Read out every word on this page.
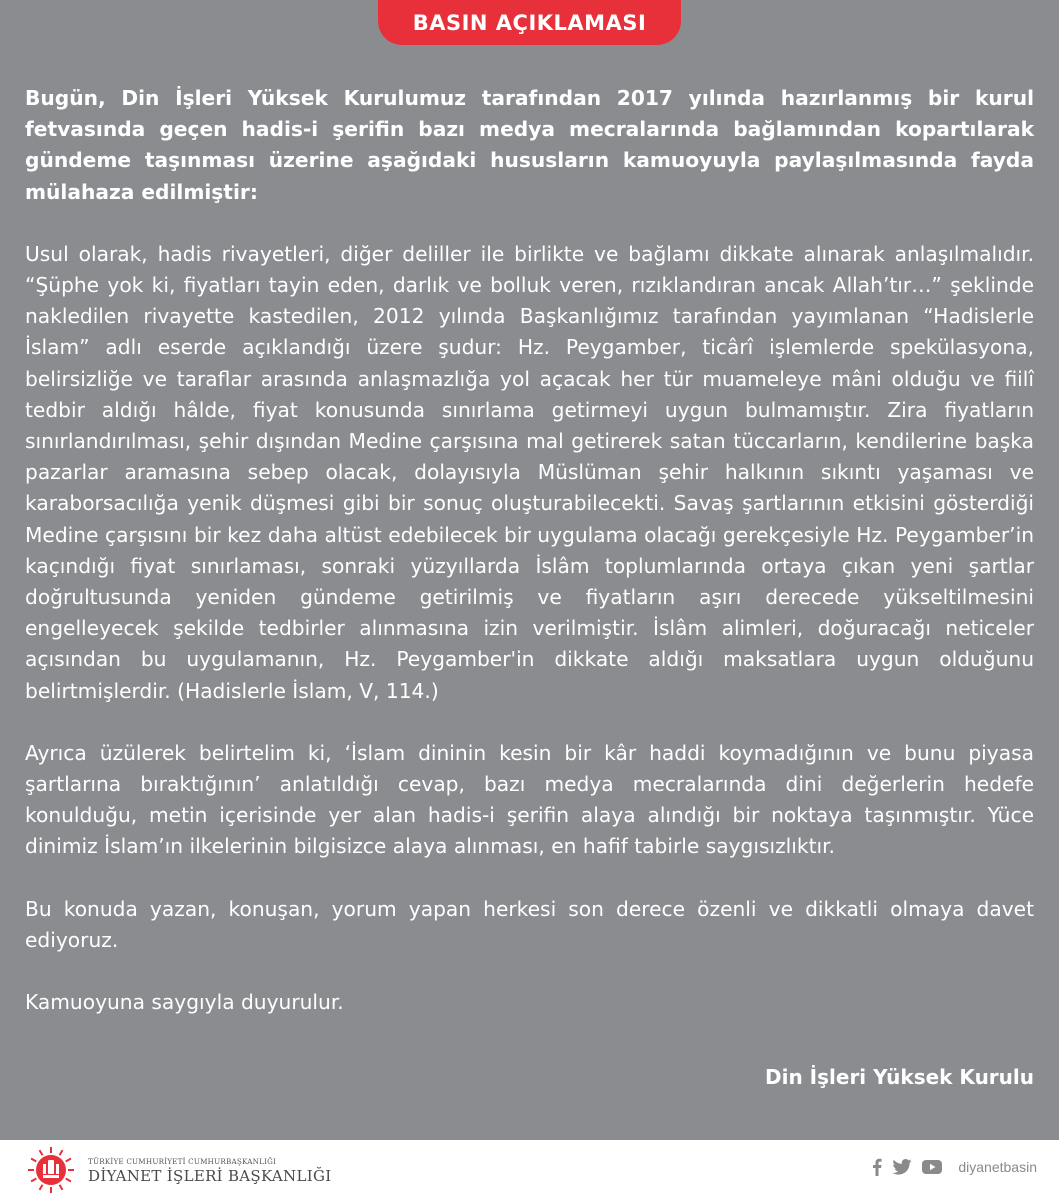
BASIN AÇIKLAMASI

Bugün, Din İşleri Yüksek Kurulumuz tarafından 2017 yılında hazırlanmış bir kurul fetvasında geçen hadis-i şerifin bazı medya mecralarında bağlamından kopartılarak gündeme taşınması üzerine aşağıdaki hususların kamuoyuyla paylaşılmasında fayda mülahaza edilmiştir:

Usul olarak, hadis rivayetleri, diğer deliller ile birlikte ve bağlamı dikkate alınarak anlaşılmalıdır. “Şüphe yok ki, fiyatları tayin eden, darlık ve bolluk veren, rızıklandıran ancak Allah’tır…” şeklinde nakledilen rivayette kastedilen, 2012 yılında Başkanlığımız tarafından yayımlanan “Hadislerle İslam” adlı eserde açıklandığı üzere şudur: Hz. Peygamber, ticârî işlemlerde spekülasyona, belirsizliğe ve taraflar arasında anlaşmazlığa yol açacak her tür muameleye mâni olduğu ve fiilî tedbir aldığı hâlde, fiyat konusunda sınırlama getirmeyi uygun bulmamıştır. Zira fiyatların sınırlandırılması, şehir dışından Medine çarşısına mal getirerek satan tüccarların, kendilerine başka pazarlar aramasına sebep olacak, dolayısıyla Müslüman şehir halkının sıkıntı yaşaması ve karaborsacılığa yenik düşmesi gibi bir sonuç oluşturabilecekti. Savaş şartlarının etkisini gösterdiği Medine çarşısını bir kez daha altüst edebilecek bir uygulama olacağı gerekçesiyle Hz. Peygamber’in kaçındığı fiyat sınırlaması, sonraki yüzyıllarda İslâm toplumlarında ortaya çıkan yeni şartlar doğrultusunda yeniden gündeme getirilmiş ve fiyatların aşırı derecede yükseltilmesini engelleyecek şekilde tedbirler alınmasına izin verilmiştir. İslâm alimleri, doğuracağı neticeler açısından bu uygulamanın, Hz. Peygamber'in dikkate aldığı maksatlara uygun olduğunu belirtmişlerdir. (Hadislerle İslam, V, 114.)

Ayrıca üzülerek belirtelim ki, ‘İslam dininin kesin bir kâr haddi koymadığının ve bunu piyasa şartlarına bıraktığının’ anlatıldığı cevap, bazı medya mecralarında dini değerlerin hedefe konulduğu, metin içerisinde yer alan hadis-i şerifin alaya alındığı bir noktaya taşınmıştır. Yüce dinimiz İslam’ın ilkelerinin bilgisizce alaya alınması, en hafif tabirle saygısızlıktır.

Bu konuda yazan, konuşan, yorum yapan herkesi son derece özenli ve dikkatli olmaya davet ediyoruz.

Kamuoyuna saygıyla duyurulur.

Din İşleri Yüksek Kurulu
TÜRKİYE CUMHURİYETİ CUMHURBAŞKANLIĞI
DİYANET İŞLERİ BAŞKANLIĞI	diyanetbasin
